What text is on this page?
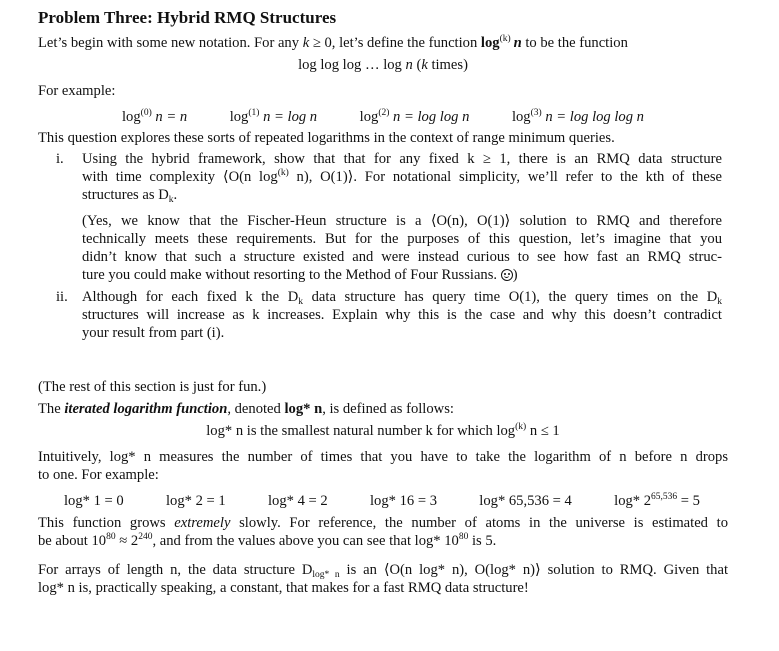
Problem Three: Hybrid RMQ Structures
Let’s begin with some new notation. For any k ≥ 0, let’s define the function $\log^{(k)} n$ to be the function
log log log … log n (k times)
For example:
$\log^{(0)} n = n$	$\log^{(1)} n = \log n$	$\log^{(2)} n = \log \log n$	$\log^{(3)} n = \log \log \log n$
This question explores these sorts of repeated logarithms in the context of range minimum queries.
i.	Using the hybrid framework, show that that for any fixed k ≥ 1, there is an RMQ data structure
with time complexity ⟨O(n $\log^{(k)} n$), O(1)⟩. For notational simplicity, we’ll refer to the kth of these
structures as $D_k$.
(Yes, we know that the Fischer-Heun structure is a ⟨O(n), O(1)⟩ solution to RMQ and therefore
technically meets these requirements. But for the purposes of this question, let’s imagine that you
didn’t know that such a structure existed and were instead curious to see how fast an RMQ struc-
ture you could make without resorting to the Method of Four Russians. )
ii. Although for each fixed k the $D_k$ data structure has query time O(1), the query times on the $D_k$
structures will increase as k increases. Explain why this is the case and why this doesn’t contradict
your result from part (i).
(The rest of this section is just for fun.)
The iterated logarithm function, denoted log* n, is defined as follows:
log* n is the smallest natural number k for which $\log^{(k)} n \le 1$
Intuitively, log* n measures the number of times that you have to take the logarithm of n before n drops
to one. For example:
log* 1 = 0	log* 2 = 1	log* 4 = 2	log* 16 = 3	log* 65,536 = 4	log* $2^{65,536} = 5$
This function grows extremely slowly. For reference, the number of atoms in the universe is estimated to
be about $10^{80} \approx 2^{240}$, and from the values above you can see that log* $10^{80}$ is 5.
For arrays of length n, the data structure $D_{log* n}$ is an ⟨O(n log* n), O(log* n)⟩ solution to RMQ. Given that
log* n is, practically speaking, a constant, that makes for a fast RMQ data structure!
